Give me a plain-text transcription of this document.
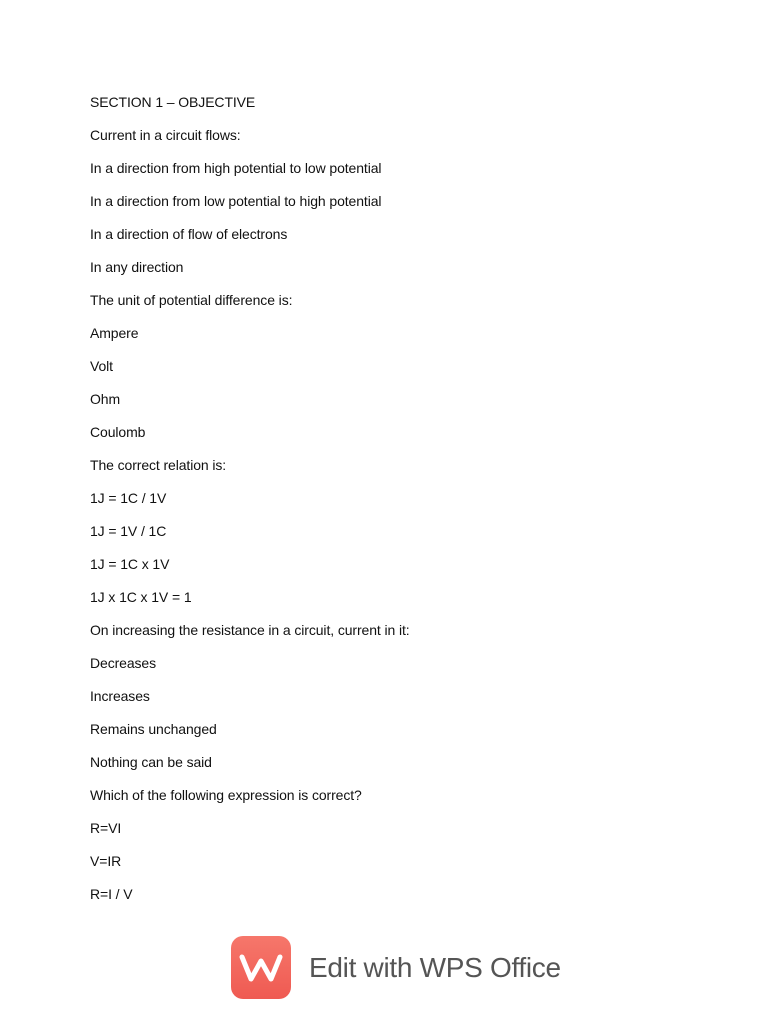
SECTION 1 – OBJECTIVE
Current in a circuit flows:
In a direction from high potential to low potential
In a direction from low potential to high potential
In a direction of flow of electrons
In any direction
The unit of potential difference is:
Ampere
Volt
Ohm
Coulomb
The correct relation is:
1J = 1C / 1V
1J = 1V / 1C
1J = 1C x 1V
1J x 1C x 1V = 1
On increasing the resistance in a circuit, current in it:
Decreases
Increases
Remains unchanged
Nothing can be said
Which of the following expression is correct?
R=VI
V=IR
R=I / V
Edit with WPS Office
